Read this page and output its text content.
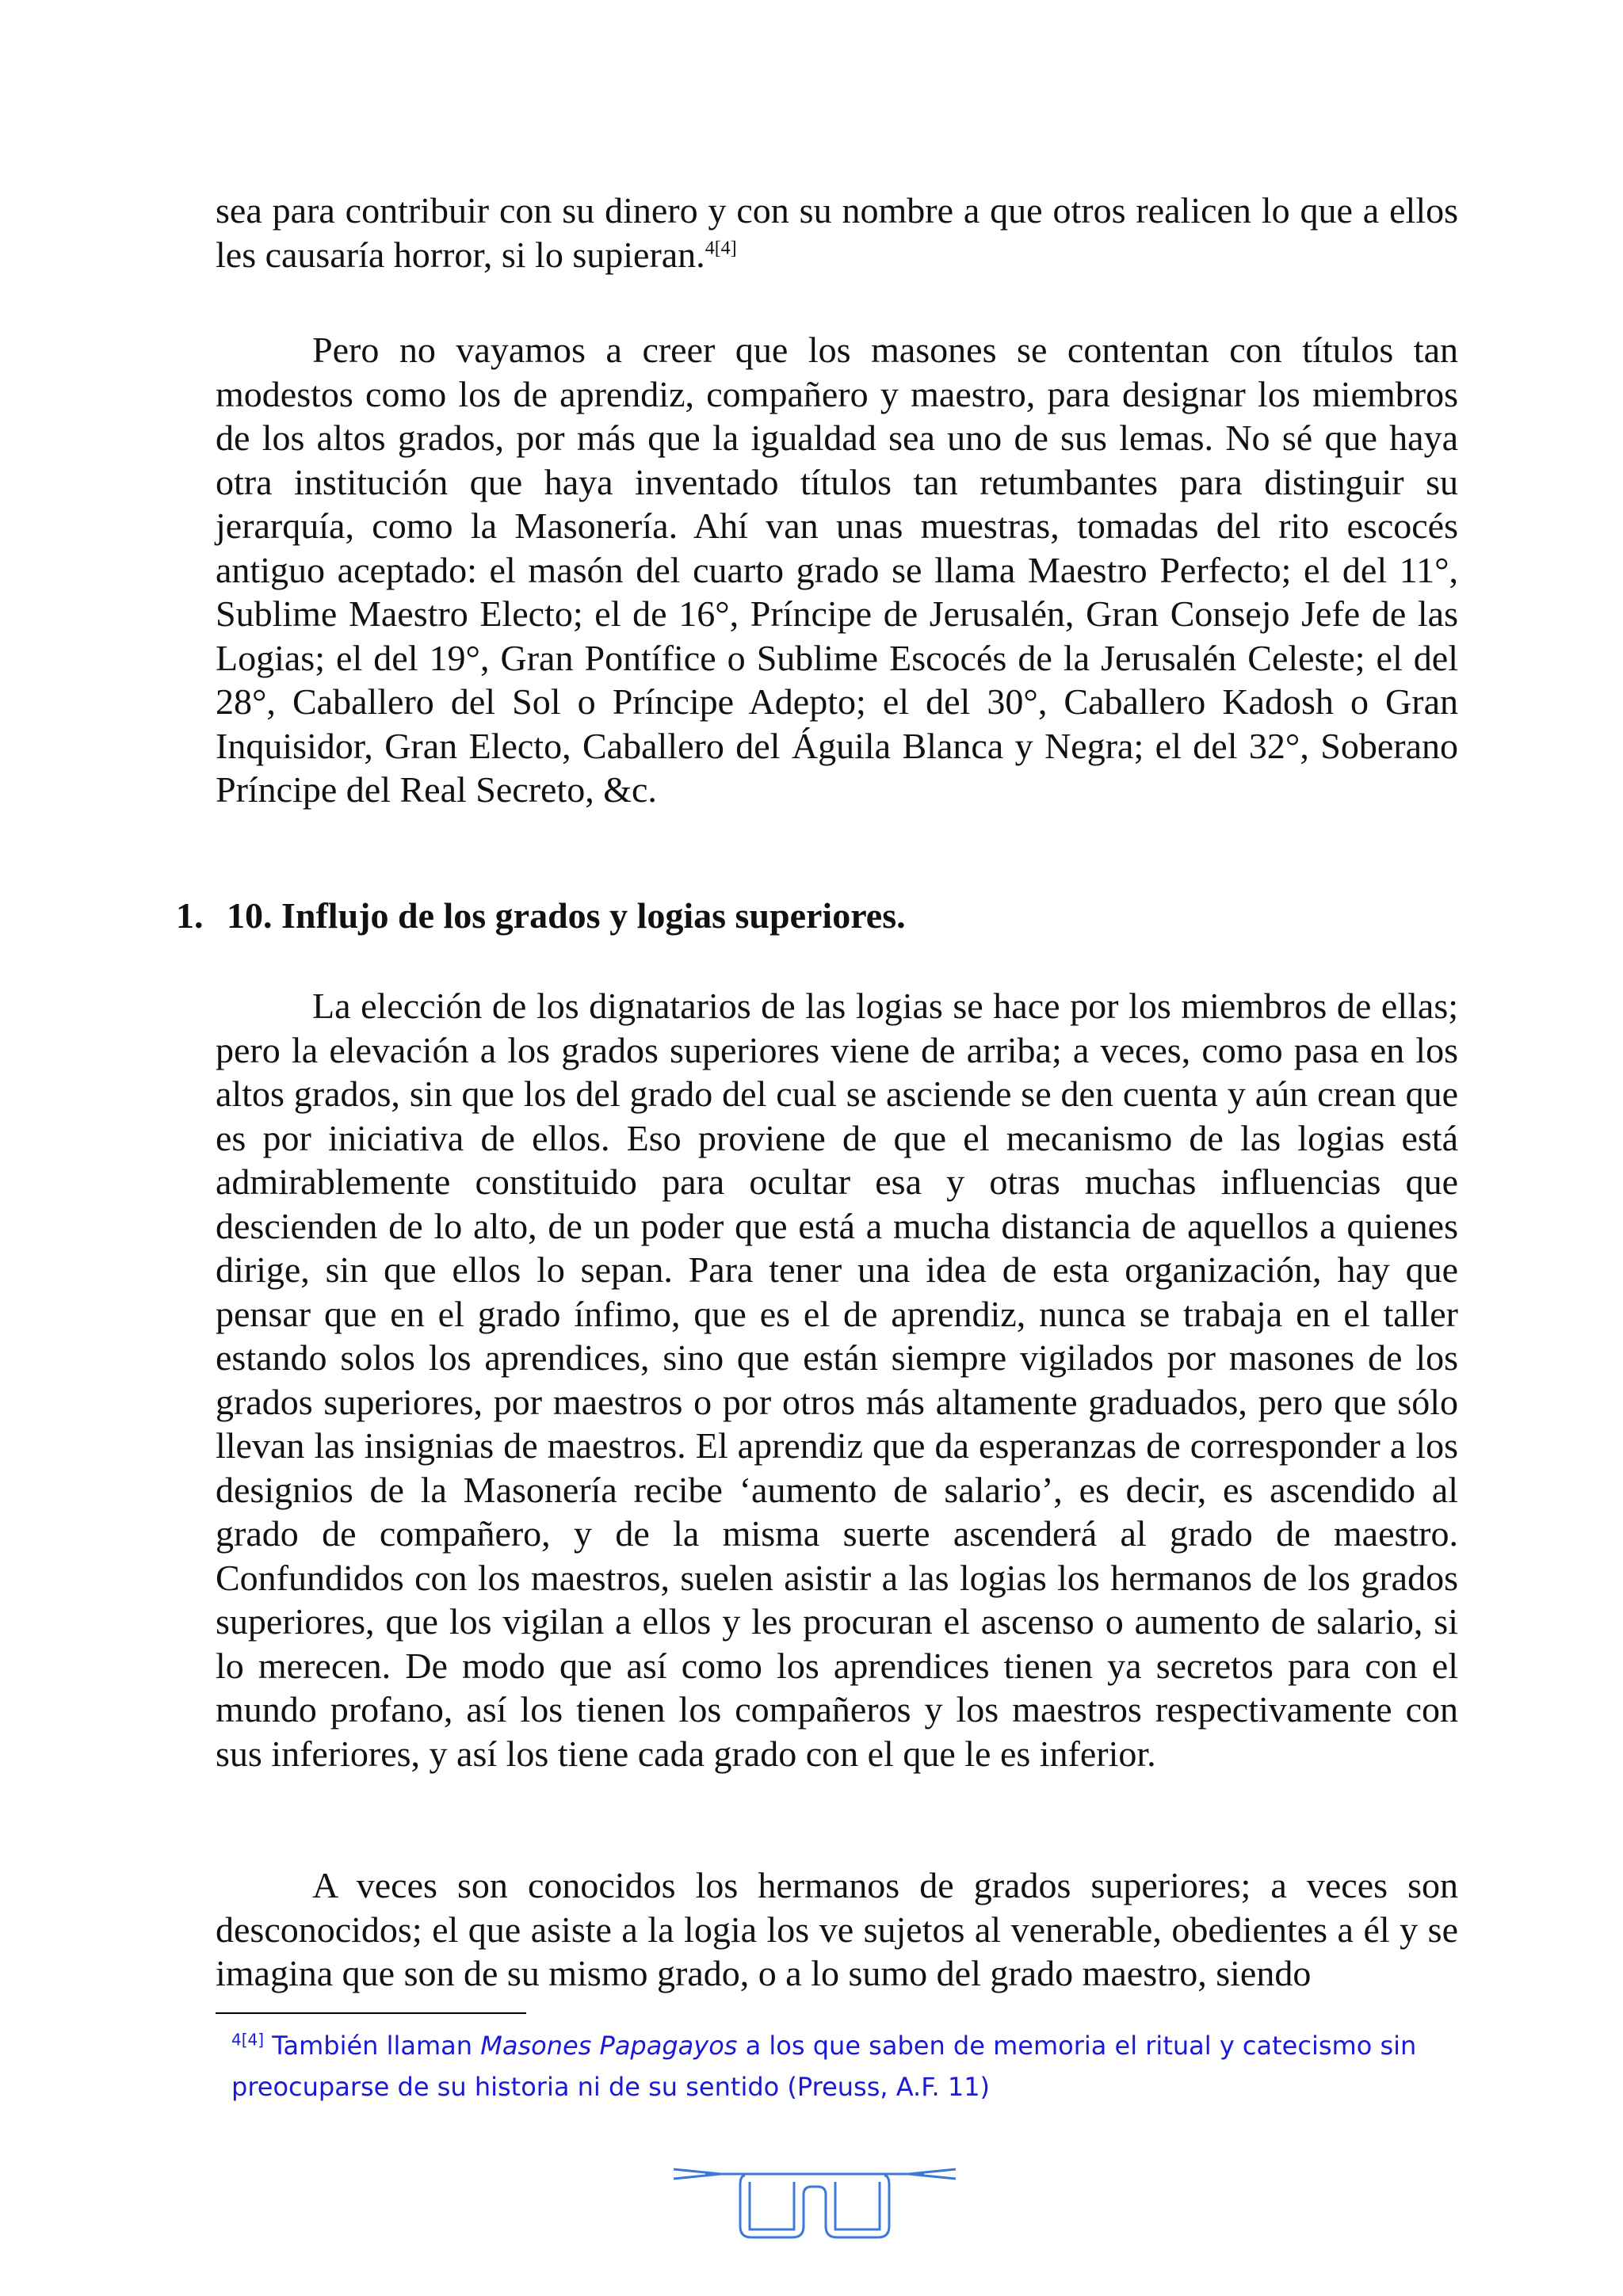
sea para contribuir con su dinero y con su nombre a que otros realicen lo que a ellos les causaría horror, si lo supieran.$^{4[4]}$

Pero no vayamos a creer que los masones se contentan con títulos tan modestos como los de aprendiz, compañero y maestro, para designar los miembros de los altos grados, por más que la igualdad sea uno de sus lemas. No sé que haya otra institución que haya inventado títulos tan retumbantes para distinguir su jerarquía, como la Masonería. Ahí van unas muestras, tomadas del rito escocés antiguo aceptado: el masón del cuarto grado se llama Maestro Perfecto; el del 11°, Sublime Maestro Electo; el de 16°, Príncipe de Jerusalén, Gran Consejo Jefe de las Logias; el del 19°, Gran Pontífice o Sublime Escocés de la Jerusalén Celeste; el del 28°, Caballero del Sol o Príncipe Adepto; el del 30°, Caballero Kadosh o Gran Inquisidor, Gran Electo, Caballero del Águila Blanca y Negra; el del 32°, Soberano Príncipe del Real Secreto, &c.

1. 10. Influjo de los grados y logias superiores.

La elección de los dignatarios de las logias se hace por los miembros de ellas; pero la elevación a los grados superiores viene de arriba; a veces, como pasa en los altos grados, sin que los del grado del cual se asciende se den cuenta y aún crean que es por iniciativa de ellos. Eso proviene de que el mecanismo de las logias está admirablemente constituido para ocultar esa y otras muchas influencias que descienden de lo alto, de un poder que está a mucha distancia de aquellos a quienes dirige, sin que ellos lo sepan. Para tener una idea de esta organización, hay que pensar que en el grado ínfimo, que es el de aprendiz, nunca se trabaja en el taller estando solos los aprendices, sino que están siempre vigilados por masones de los grados superiores, por maestros o por otros más altamente graduados, pero que sólo llevan las insignias de maestros. El aprendiz que da esperanzas de corresponder a los designios de la Masonería recibe ‘aumento de salario’, es decir, es ascendido al grado de compañero, y de la misma suerte ascenderá al grado de maestro. Confundidos con los maestros, suelen asistir a las logias los hermanos de los grados superiores, que los vigilan a ellos y les procuran el ascenso o aumento de salario, si lo merecen. De modo que así como los aprendices tienen ya secretos para con el mundo profano, así los tienen los compañeros y los maestros respectivamente con sus inferiores, y así los tiene cada grado con el que le es inferior.

A veces son conocidos los hermanos de grados superiores; a veces son desconocidos; el que asiste a la logia los ve sujetos al venerable, obedientes a él y se imagina que son de su mismo grado, o a lo sumo del grado maestro, siendo

$^{4[4]}$ También llaman Masones Papagayos a los que saben de memoria el ritual y catecismo sin preocuparse de su historia ni de su sentido (Preuss, A.F. 11)
